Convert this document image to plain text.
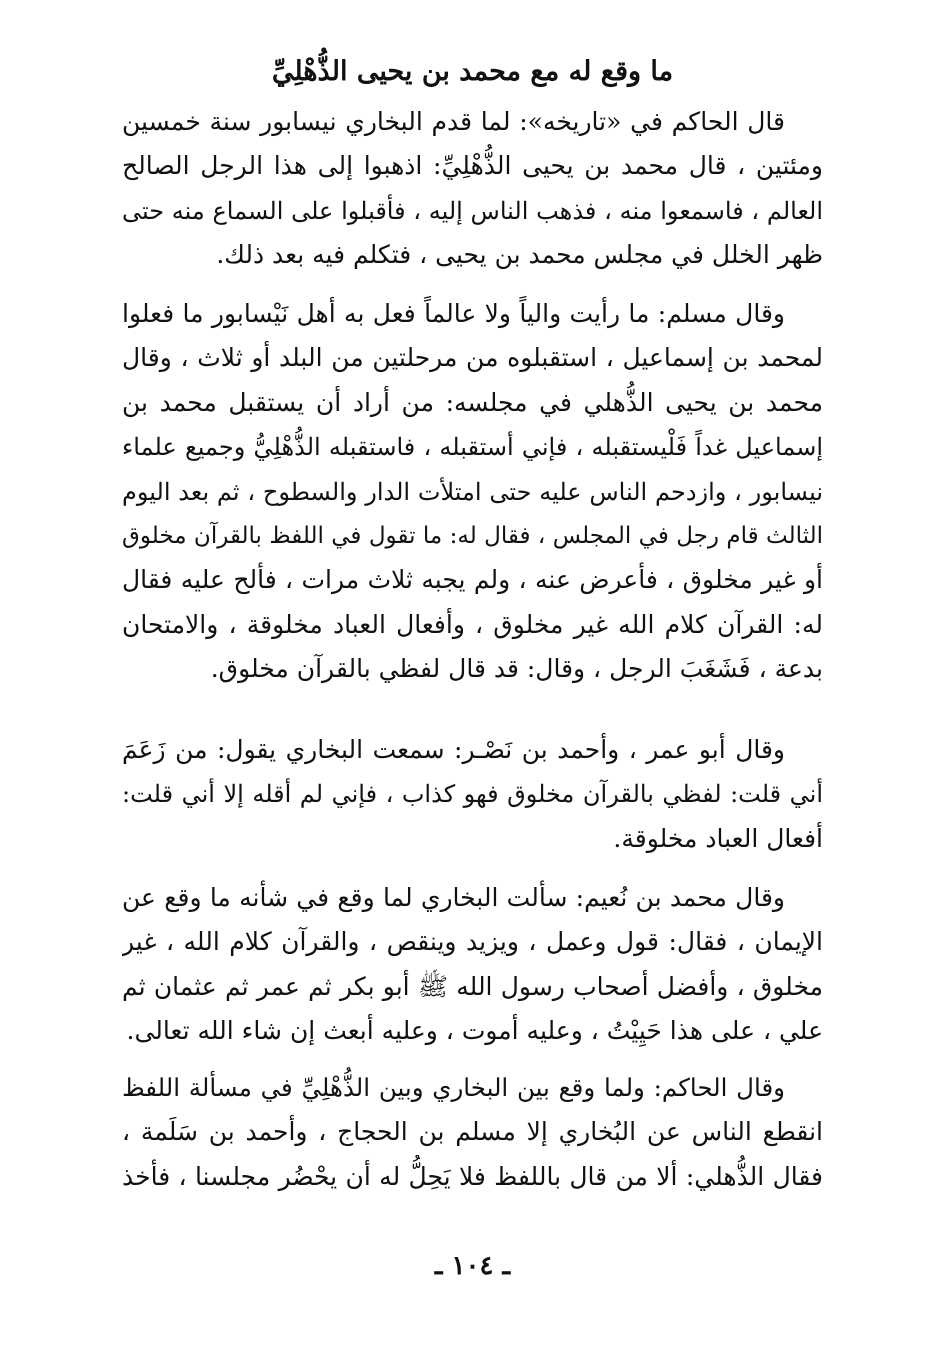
ما وقع له مع محمد بن يحيى الذُّهْلِيِّ

قال الحاكم في «تاريخه»: لما قدم البخاري نيسابور سنة خمسين
ومئتين ، قال محمد بن يحيى الذُّهْلِيِّ: اذهبوا إلى هذا الرجل الصالح
العالم ، فاسمعوا منه ، فذهب الناس إليه ، فأقبلوا على السماع منه حتى
ظهر الخلل في مجلس محمد بن يحيى ، فتكلم فيه بعد ذلك.

وقال مسلم: ما رأيت والياً ولا عالماً فعل به أهل نَيْسابور ما فعلوا
لمحمد بن إسماعيل ، استقبلوه من مرحلتين من البلد أو ثلاث ، وقال
محمد بن يحيى الذُّهلي في مجلسه: من أراد أن يستقبل محمد بن
إسماعيل غداً فَلْيستقبله ، فإني أستقبله ، فاستقبله الذُّهْلِيُّ وجميع علماء
نيسابور ، وازدحم الناس عليه حتى امتلأت الدار والسطوح ، ثم بعد اليوم
الثالث قام رجل في المجلس ، فقال له: ما تقول في اللفظ بالقرآن مخلوق
أو غير مخلوق ، فأعرض عنه ، ولم يجبه ثلاث مرات ، فألح عليه فقال
له: القرآن كلام الله غير مخلوق ، وأفعال العباد مخلوقة ، والامتحان
بدعة ، فَشَغَبَ الرجل ، وقال: قد قال لفظي بالقرآن مخلوق.

وقال أبو عمر ، وأحمد بن نَصْـر: سمعت البخاري يقول: من زَعَمَ
أني قلت: لفظي بالقرآن مخلوق فهو كذاب ، فإني لم أقله إلا أني قلت:
أفعال العباد مخلوقة.

وقال محمد بن نُعيم: سألت البخاري لما وقع في شأنه ما وقع عن
الإيمان ، فقال: قول وعمل ، ويزيد وينقص ، والقرآن كلام الله ، غير
مخلوق ، وأفضل أصحاب رسول الله ﷺ أبو بكر ثم عمر ثم عثمان ثم
علي ، على هذا حَيِيْتُ ، وعليه أموت ، وعليه أبعث إن شاء الله تعالى.

وقال الحاكم: ولما وقع بين البخاري وبين الذُّهْلِيِّ في مسألة اللفظ
انقطع الناس عن البُخاري إلا مسلم بن الحجاج ، وأحمد بن سَلَمة ،
فقال الذُّهلي: ألا من قال باللفظ فلا يَحِلُّ له أن يحْضُر مجلسنا ، فأخذ

ـ ١٠٤ ـ
